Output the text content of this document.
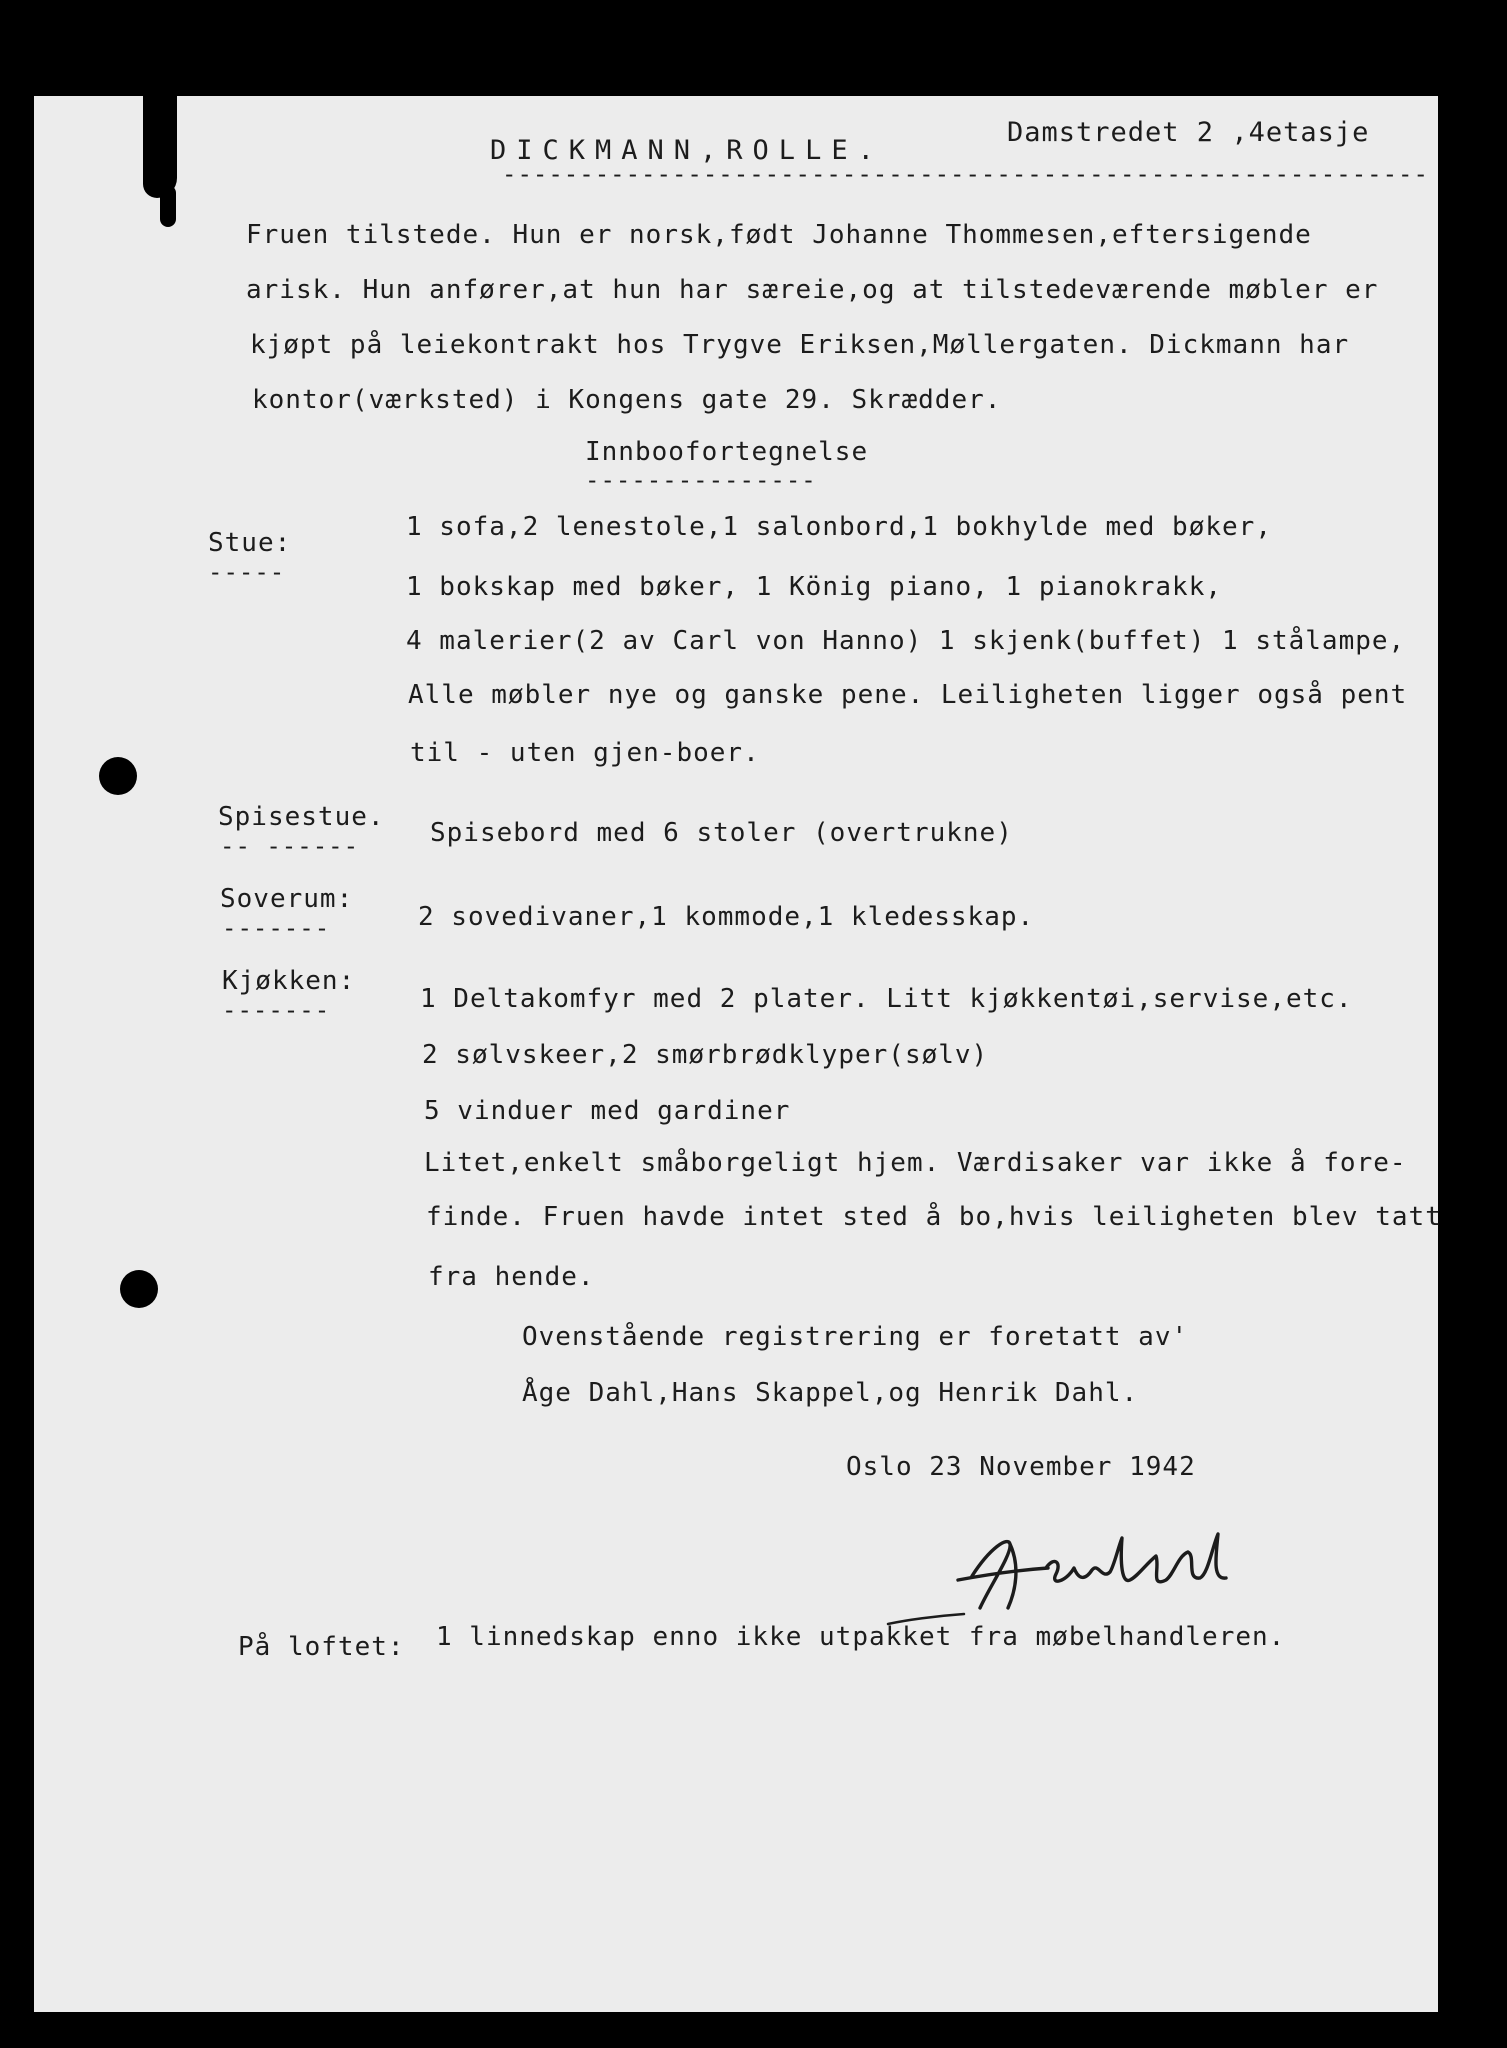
DICKMANN,ROLLE.
Damstredet 2 ,4etasje
------------------------------------------------------------
Fruen tilstede. Hun er norsk,født Johanne Thommesen,eftersigende
arisk. Hun anfører,at hun har særeie,og at tilstedeværende møbler er
kjøpt på leiekontrakt hos Trygve Eriksen,Møllergaten. Dickmann har
kontor(værksted) i Kongens gate 29. Skrædder.
Innboofortegnelse
---------------
Stue:
-----
1 sofa,2 lenestole,1 salonbord,1 bokhylde med bøker,
1 bokskap med bøker, 1 König piano, 1 pianokrakk,
4 malerier(2 av Carl von Hanno) 1 skjenk(buffet) 1 stålampe,
Alle møbler nye og ganske pene. Leiligheten ligger også pent
til - uten gjen-boer.
Spisestue.
-- ------	Spisebord med 6 stoler (overtrukne)
Soverum:
-------	2 sovedivaner,1 kommode,1 kledesskap.
Kjøkken:
-------	1 Deltakomfyr med 2 plater. Litt kjøkkentøi,servise,etc.
2 sølvskeer,2 smørbrødklyper(sølv)
5 vinduer med gardiner
Litet,enkelt småborgeligt hjem. Værdisaker var ikke å fore-
finde. Fruen havde intet sted å bo,hvis leiligheten blev tatt
fra hende.
Ovenstående registrering er foretatt av'
Åge Dahl,Hans Skappel,og Henrik Dahl.
Oslo 23 November 1942
På loftet: 1 linnedskap enno ikke utpakket fra møbelhandleren.
